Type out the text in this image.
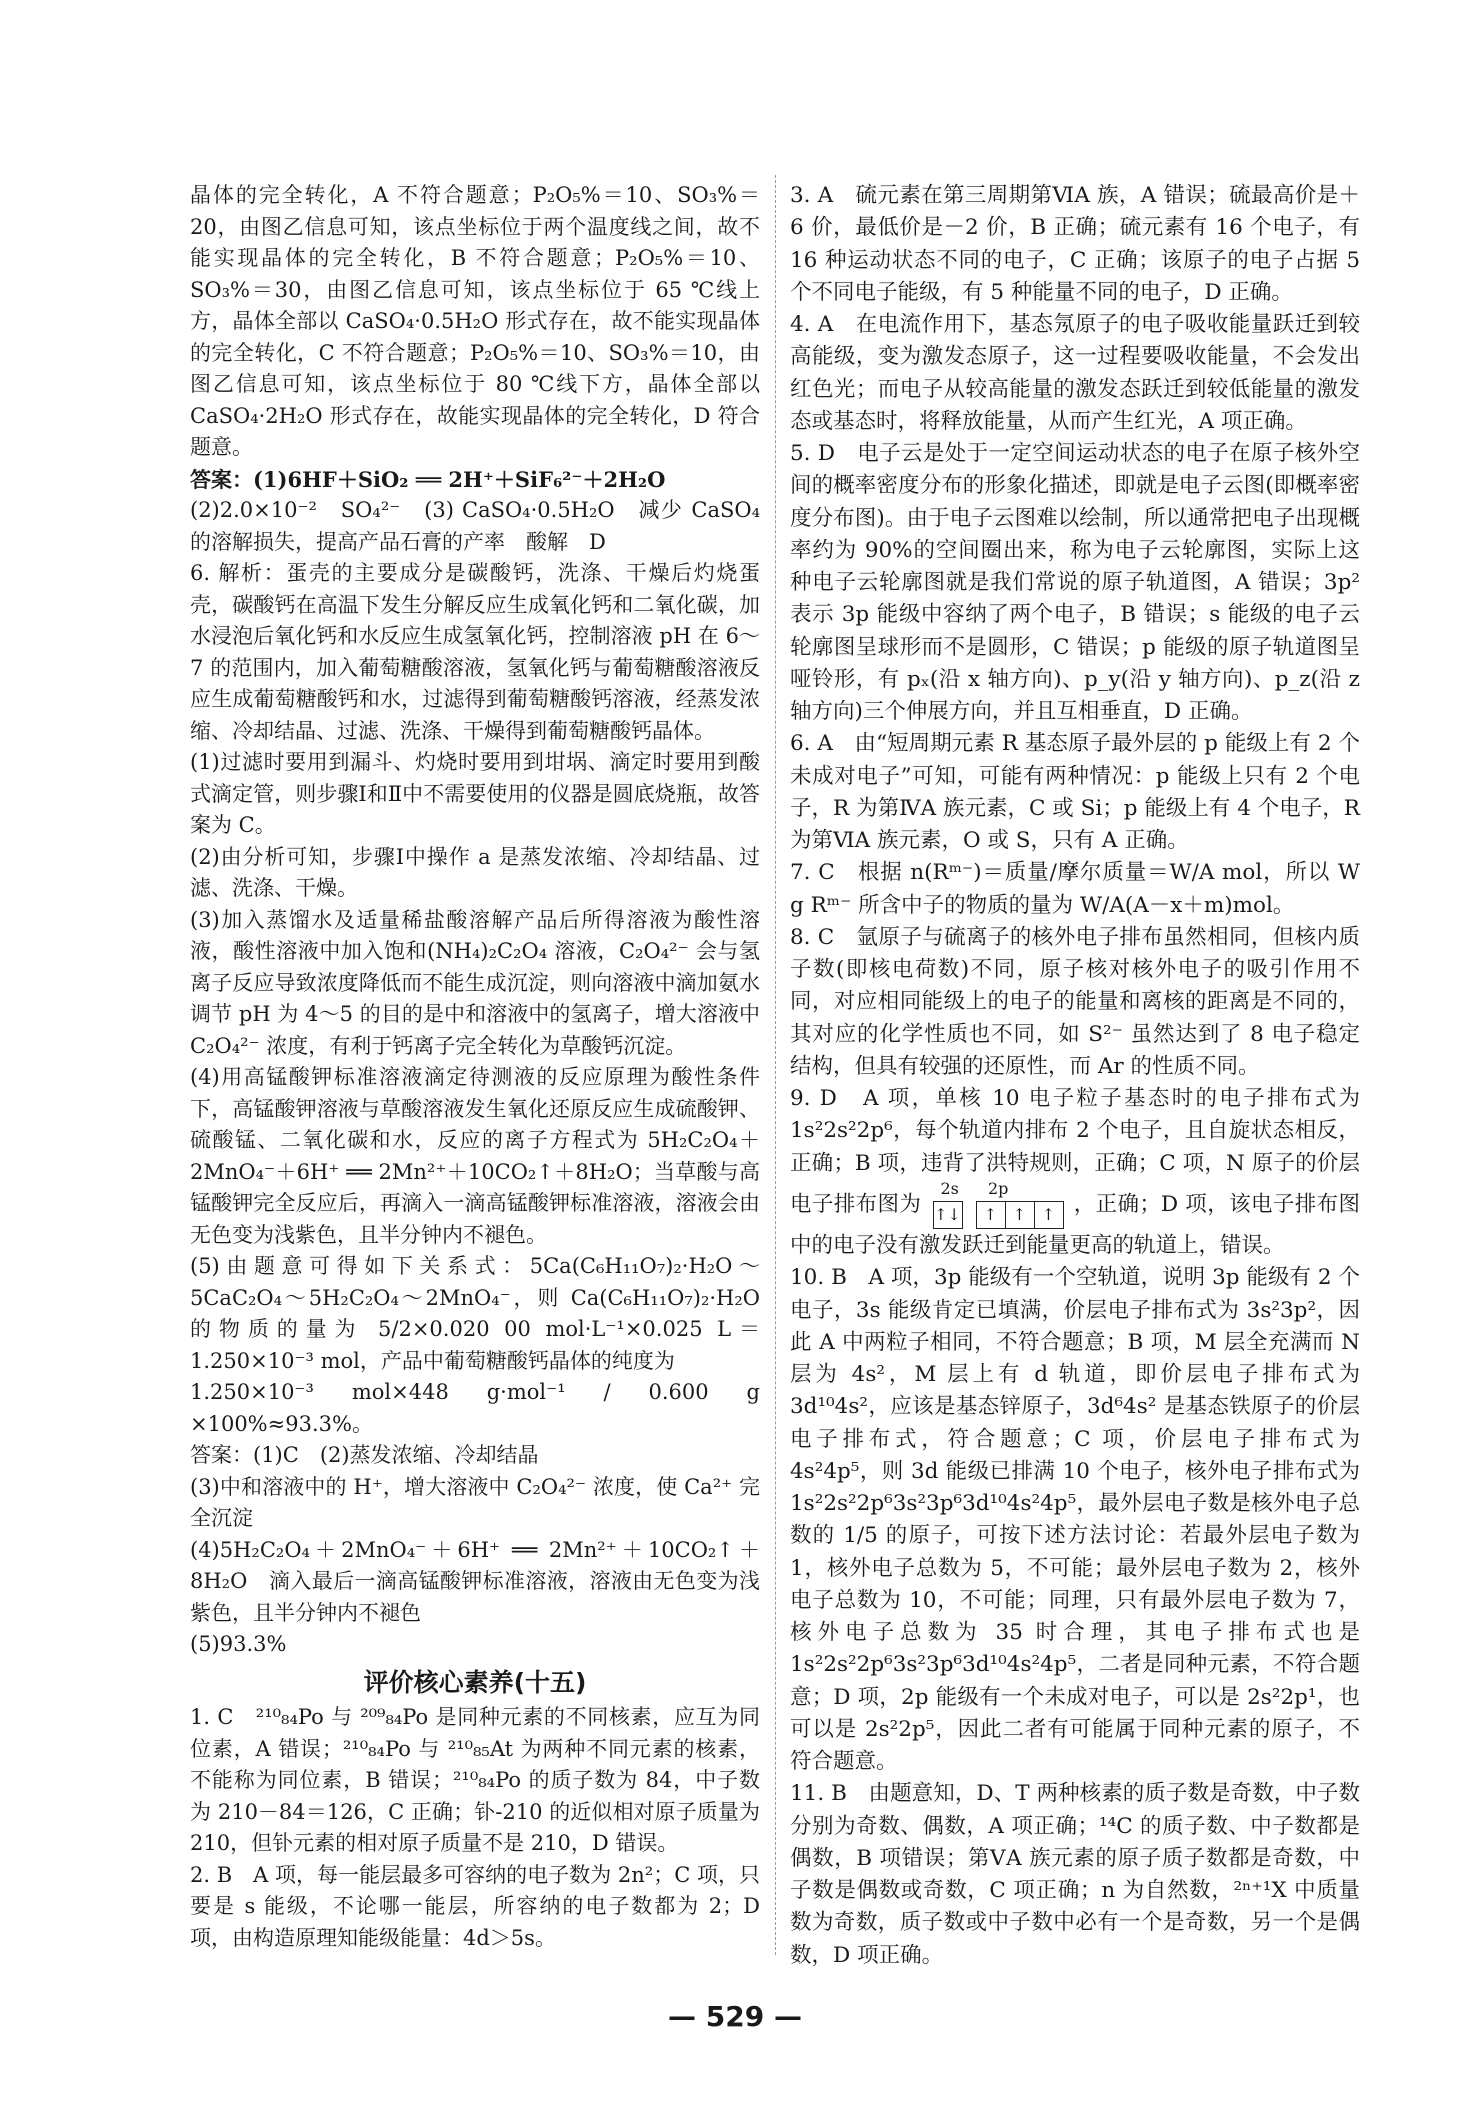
晶体的完全转化，A 不符合题意；P₂O₅%＝10、SO₃%＝20，由图乙信息可知，该点坐标位于两个温度线之间，故不能实现晶体的完全转化，B 不符合题意；P₂O₅%＝10、SO₃%＝30，由图乙信息可知，该点坐标位于 65 ℃线上方，晶体全部以 CaSO₄·0.5H₂O 形式存在，故不能实现晶体的完全转化，C 不符合题意；P₂O₅%＝10、SO₃%＝10，由图乙信息可知，该点坐标位于 80 ℃线下方，晶体全部以 CaSO₄·2H₂O 形式存在，故能实现晶体的完全转化，D 符合题意。

答案：(1)6HF＋SiO₂ ══ 2H⁺＋SiF₆²⁻＋2H₂O

(2)2.0×10⁻²　SO₄²⁻　(3) CaSO₄·0.5H₂O　减少 CaSO₄ 的溶解损失，提高产品石膏的产率　酸解　D

6. 解析：蛋壳的主要成分是碳酸钙，洗涤、干燥后灼烧蛋壳，碳酸钙在高温下发生分解反应生成氧化钙和二氧化碳，加水浸泡后氧化钙和水反应生成氢氧化钙，控制溶液 pH 在 6～7 的范围内，加入葡萄糖酸溶液，氢氧化钙与葡萄糖酸溶液反应生成葡萄糖酸钙和水，过滤得到葡萄糖酸钙溶液，经蒸发浓缩、冷却结晶、过滤、洗涤、干燥得到葡萄糖酸钙晶体。

(1)过滤时要用到漏斗、灼烧时要用到坩埚、滴定时要用到酸式滴定管，则步骤Ⅰ和Ⅱ中不需要使用的仪器是圆底烧瓶，故答案为 C。

(2)由分析可知，步骤Ⅰ中操作 a 是蒸发浓缩、冷却结晶、过滤、洗涤、干燥。

(3)加入蒸馏水及适量稀盐酸溶解产品后所得溶液为酸性溶液，酸性溶液中加入饱和(NH₄)₂C₂O₄ 溶液，C₂O₄²⁻ 会与氢离子反应导致浓度降低而不能生成沉淀，则向溶液中滴加氨水调节 pH 为 4～5 的目的是中和溶液中的氢离子，增大溶液中 C₂O₄²⁻ 浓度，有利于钙离子完全转化为草酸钙沉淀。

(4)用高锰酸钾标准溶液滴定待测液的反应原理为酸性条件下，高锰酸钾溶液与草酸溶液发生氧化还原反应生成硫酸钾、硫酸锰、二氧化碳和水，反应的离子方程式为 5H₂C₂O₄＋2MnO₄⁻＋6H⁺ ══ 2Mn²⁺＋10CO₂↑＋8H₂O；当草酸与高锰酸钾完全反应后，再滴入一滴高锰酸钾标准溶液，溶液会由无色变为浅紫色，且半分钟内不褪色。

(5)由题意可得如下关系式：5Ca(C₆H₁₁O₇)₂·H₂O～5CaC₂O₄～5H₂C₂O₄～2MnO₄⁻，则 Ca(C₆H₁₁O₇)₂·H₂O 的物质的量为 5/2×0.020 00 mol·L⁻¹×0.025 L＝1.250×10⁻³ mol，产品中葡萄糖酸钙晶体的纯度为

1.250×10⁻³ mol×448 g·mol⁻¹ / 0.600 g ×100%≈93.3%。

答案：(1)C　(2)蒸发浓缩、冷却结晶

(3)中和溶液中的 H⁺，增大溶液中 C₂O₄²⁻ 浓度，使 Ca²⁺ 完全沉淀

(4)5H₂C₂O₄＋2MnO₄⁻＋6H⁺ ══ 2Mn²⁺＋10CO₂↑＋8H₂O　滴入最后一滴高锰酸钾标准溶液，溶液由无色变为浅紫色，且半分钟内不褪色

(5)93.3%

评价核心素养(十五)

1. C　²¹⁰₈₄Po 与 ²⁰⁹₈₄Po 是同种元素的不同核素，应互为同位素，A 错误；²¹⁰₈₄Po 与 ²¹⁰₈₅At 为两种不同元素的核素，不能称为同位素，B 错误；²¹⁰₈₄Po 的质子数为 84，中子数为 210－84＝126，C 正确；钋-210 的近似相对原子质量为 210，但钋元素的相对原子质量不是 210，D 错误。

2. B　A 项，每一能层最多可容纳的电子数为 2n²；C 项，只要是 s 能级，不论哪一能层，所容纳的电子数都为 2；D 项，由构造原理知能级能量：4d＞5s。

3. A　硫元素在第三周期第ⅥA 族，A 错误；硫最高价是＋6 价，最低价是－2 价，B 正确；硫元素有 16 个电子，有 16 种运动状态不同的电子，C 正确；该原子的电子占据 5 个不同电子能级，有 5 种能量不同的电子，D 正确。

4. A　在电流作用下，基态氖原子的电子吸收能量跃迁到较高能级，变为激发态原子，这一过程要吸收能量，不会发出红色光；而电子从较高能量的激发态跃迁到较低能量的激发态或基态时，将释放能量，从而产生红光，A 项正确。

5. D　电子云是处于一定空间运动状态的电子在原子核外空间的概率密度分布的形象化描述，即就是电子云图(即概率密度分布图)。由于电子云图难以绘制，所以通常把电子出现概率约为 90%的空间圈出来，称为电子云轮廓图，实际上这种电子云轮廓图就是我们常说的原子轨道图，A 错误；3p² 表示 3p 能级中容纳了两个电子，B 错误；s 能级的电子云轮廓图呈球形而不是圆形，C 错误；p 能级的原子轨道图呈哑铃形，有 pₓ(沿 x 轴方向)、p_y(沿 y 轴方向)、p_z(沿 z 轴方向)三个伸展方向，并且互相垂直，D 正确。

6. A　由“短周期元素 R 基态原子最外层的 p 能级上有 2 个未成对电子”可知，可能有两种情况：p 能级上只有 2 个电子，R 为第ⅣA 族元素，C 或 Si；p 能级上有 4 个电子，R 为第ⅥA 族元素，O 或 S，只有 A 正确。

7. C　根据 n(Rᵐ⁻)＝质量/摩尔质量＝W/A mol，所以 W g Rᵐ⁻ 所含中子的物质的量为 W/A(A－x＋m)mol。

8. C　氩原子与硫离子的核外电子排布虽然相同，但核内质子数(即核电荷数)不同，原子核对核外电子的吸引作用不同，对应相同能级上的电子的能量和离核的距离是不同的，其对应的化学性质也不同，如 S²⁻ 虽然达到了 8 电子稳定结构，但具有较强的还原性，而 Ar 的性质不同。

9. D　A 项，单核 10 电子粒子基态时的电子排布式为 1s²2s²2p⁶，每个轨道内排布 2 个电子，且自旋状态相反，正确；B 项，违背了洪特规则，正确；C 项，N 原子的价层电子排布图为
2s 2p
↑↓ ↑ ↑ ↑ ，正确；D 项，该电子排布图中的电子没有激发跃迁到能量更高的轨道上，错误。

10. B　A 项，3p 能级有一个空轨道，说明 3p 能级有 2 个电子，3s 能级肯定已填满，价层电子排布式为 3s²3p²，因此 A 中两粒子相同，不符合题意；B 项，M 层全充满而 N 层为 4s²，M 层上有 d 轨道，即价层电子排布式为 3d¹⁰4s²，应该是基态锌原子，3d⁶4s² 是基态铁原子的价层电子排布式，符合题意；C 项，价层电子排布式为 4s²4p⁵，则 3d 能级已排满 10 个电子，核外电子排布式为 1s²2s²2p⁶3s²3p⁶3d¹⁰4s²4p⁵，最外层电子数是核外电子总数的 1/5 的原子，可按下述方法讨论：若最外层电子数为 1，核外电子总数为 5，不可能；最外层电子数为 2，核外电子总数为 10，不可能；同理，只有最外层电子数为 7，核外电子总数为 35 时合理，其电子排布式也是 1s²2s²2p⁶3s²3p⁶3d¹⁰4s²4p⁵，二者是同种元素，不符合题意；D 项，2p 能级有一个未成对电子，可以是 2s²2p¹，也可以是 2s²2p⁵，因此二者有可能属于同种元素的原子，不符合题意。

11. B　由题意知，D、T 两种核素的质子数是奇数，中子数分别为奇数、偶数，A 项正确；¹⁴C 的质子数、中子数都是偶数，B 项错误；第ⅤA 族元素的原子质子数都是奇数，中子数是偶数或奇数，C 项正确；n 为自然数，²ⁿ⁺¹X 中质量数为奇数，质子数或中子数中必有一个是奇数，另一个是偶数，D 项正确。

— 529 —
